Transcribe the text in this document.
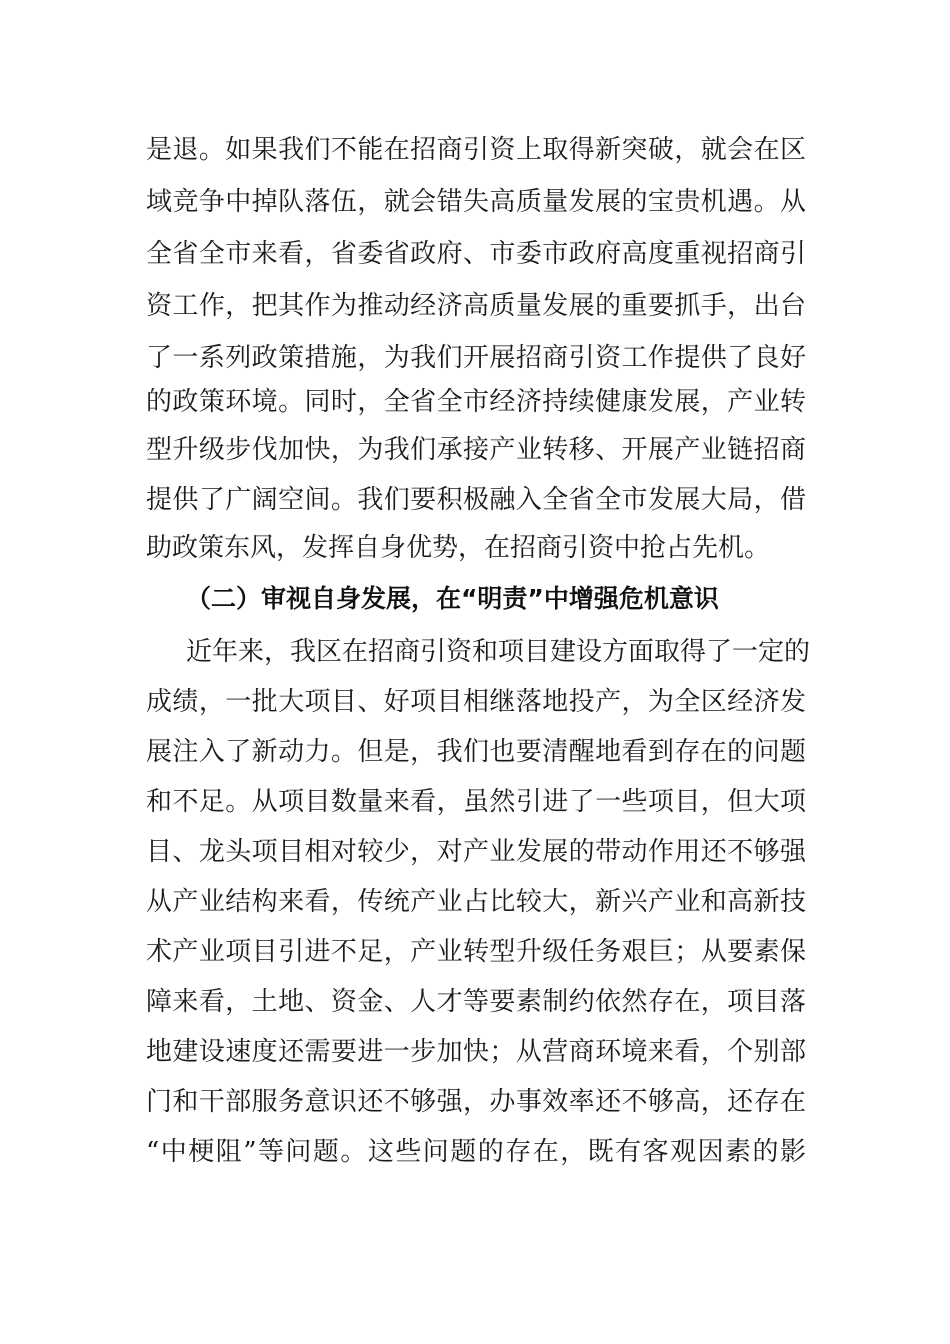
是退。如果我们不能在招商引资上取得新突破，就会在区
域竞争中掉队落伍，就会错失高质量发展的宝贵机遇。从
全省全市来看，省委省政府、市委市政府高度重视招商引
资工作，把其作为推动经济高质量发展的重要抓手，出台
了一系列政策措施，为我们开展招商引资工作提供了良好
的政策环境。同时，全省全市经济持续健康发展，产业转
型升级步伐加快，为我们承接产业转移、开展产业链招商
提供了广阔空间。我们要积极融入全省全市发展大局，借
助政策东风，发挥自身优势，在招商引资中抢占先机。
（二）审视自身发展，在“明责”中增强危机意识
近年来，我区在招商引资和项目建设方面取得了一定的
成绩，一批大项目、好项目相继落地投产，为全区经济发
展注入了新动力。但是，我们也要清醒地看到存在的问题
和不足。从项目数量来看，虽然引进了一些项目，但大项
目、龙头项目相对较少，对产业发展的带动作用还不够强
从产业结构来看，传统产业占比较大，新兴产业和高新技
术产业项目引进不足，产业转型升级任务艰巨；从要素保
障来看，土地、资金、人才等要素制约依然存在，项目落
地建设速度还需要进一步加快；从营商环境来看，个别部
门和干部服务意识还不够强，办事效率还不够高，还存在
“中梗阻”等问题。这些问题的存在，既有客观因素的影
